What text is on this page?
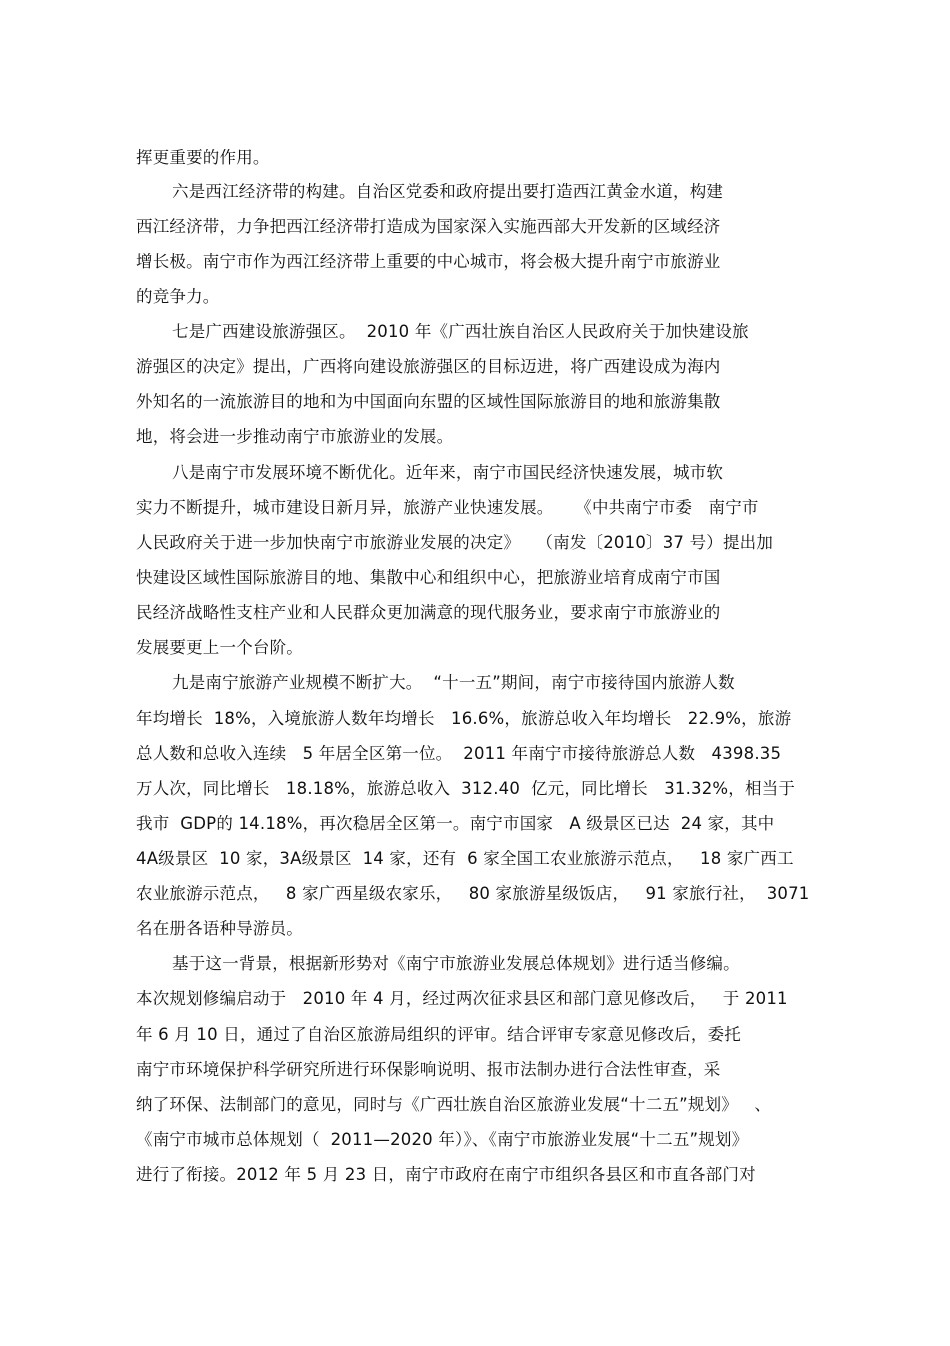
挥更重要的作用。
六是西江经济带的构建。自治区党委和政府提出要打造西江黄金水道，构建
西江经济带，力争把西江经济带打造成为国家深入实施西部大开发新的区域经济
增长极。南宁市作为西江经济带上重要的中心城市，将会极大提升南宁市旅游业
的竞争力。
七是广西建设旅游强区。  2010 年《广西壮族自治区人民政府关于加快建设旅
游强区的决定》提出，广西将向建设旅游强区的目标迈进，将广西建设成为海内
外知名的一流旅游目的地和为中国面向东盟的区域性国际旅游目的地和旅游集散
地，将会进一步推动南宁市旅游业的发展。
八是南宁市发展环境不断优化。近年来，南宁市国民经济快速发展，城市软
实力不断提升，城市建设日新月异，旅游产业快速发展。    《中共南宁市委   南宁市
人民政府关于进一步加快南宁市旅游业发展的决定》   （南发〔2010〕37 号）提出加
快建设区域性国际旅游目的地、集散中心和组织中心，把旅游业培育成南宁市国
民经济战略性支柱产业和人民群众更加满意的现代服务业，要求南宁市旅游业的
发展要更上一个台阶。
九是南宁旅游产业规模不断扩大。  “十一五”期间，南宁市接待国内旅游人数
年均增长  18%，入境旅游人数年均增长   16.6%，旅游总收入年均增长   22.9%，旅游
总人数和总收入连续   5 年居全区第一位。  2011 年南宁市接待旅游总人数   4398.35
万人次，同比增长   18.18%，旅游总收入  312.40  亿元，同比增长   31.32%，相当于
我市  GDP的 14.18%，再次稳居全区第一。南宁市国家   A 级景区已达  24 家，其中
4A级景区  10 家，3A级景区  14 家，还有  6 家全国工农业旅游示范点，   18 家广西工
农业旅游示范点，   8 家广西星级农家乐，   80 家旅游星级饭店，   91 家旅行社，  3071
名在册各语种导游员。
基于这一背景，根据新形势对《南宁市旅游业发展总体规划》进行适当修编。
本次规划修编启动于   2010 年 4 月，经过两次征求县区和部门意见修改后，   于 2011
年 6 月 10 日，通过了自治区旅游局组织的评审。结合评审专家意见修改后，委托
南宁市环境保护科学研究所进行环保影响说明、报市法制办进行合法性审查，采
纳了环保、法制部门的意见，同时与《广西壮族自治区旅游业发展“十二五”规划》   、
《南宁市城市总体规划（  2011—2020 年）》、《南宁市旅游业发展“十二五”规划》
进行了衔接。2012 年 5 月 23 日，南宁市政府在南宁市组织各县区和市直各部门对
